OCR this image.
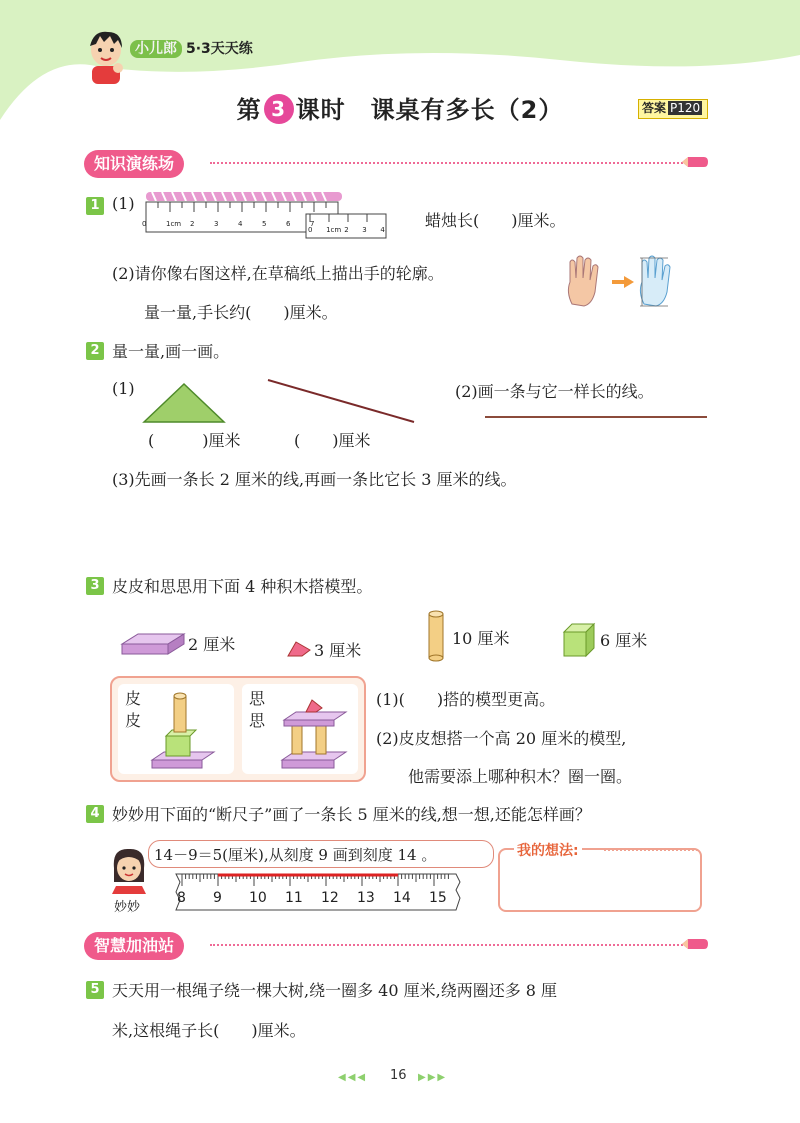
小儿郎 5·3天天练
第 3 课时　课桌有多长（2）	答案 P120
知识演练场
1 (1)
0	1cm	2	3	4	5	6	7
0	1cm 2	3	4	蜡烛长(　　)厘米。
(2)请你像右图这样,在草稿纸上描出手的轮廓。
量一量,手长约(　　)厘米。
2 量一量,画一画。
(1)
(　　　)厘米	(　　)厘米
(2)画一条与它一样长的线。
(3)先画一条长 2 厘米的线,再画一条比它长 3 厘米的线。
3 皮皮和思思用下面 4 种积木搭模型。
2 厘米	3 厘米
10 厘米	6 厘米
皮
皮
思
思
(1)(　　)搭的模型更高。
(2)皮皮想搭一个高 20 厘米的模型,
他需要添上哪种积木？圈一圈。
4 妙妙用下面的“断尺子”画了一条长 5 厘米的线,想一想,还能怎样画？
妙妙
14－9＝5(厘米),从刻度 9 画到刻度 14 。
8	9	10	11	12	13	14	15
我的想法:
智慧加油站
5 天天用一根绳子绕一棵大树,绕一圈多 40 厘米,绕两圈还多 8 厘
米,这根绳子长(　　)厘米。
◀◀◀ 16 ▶▶▶
